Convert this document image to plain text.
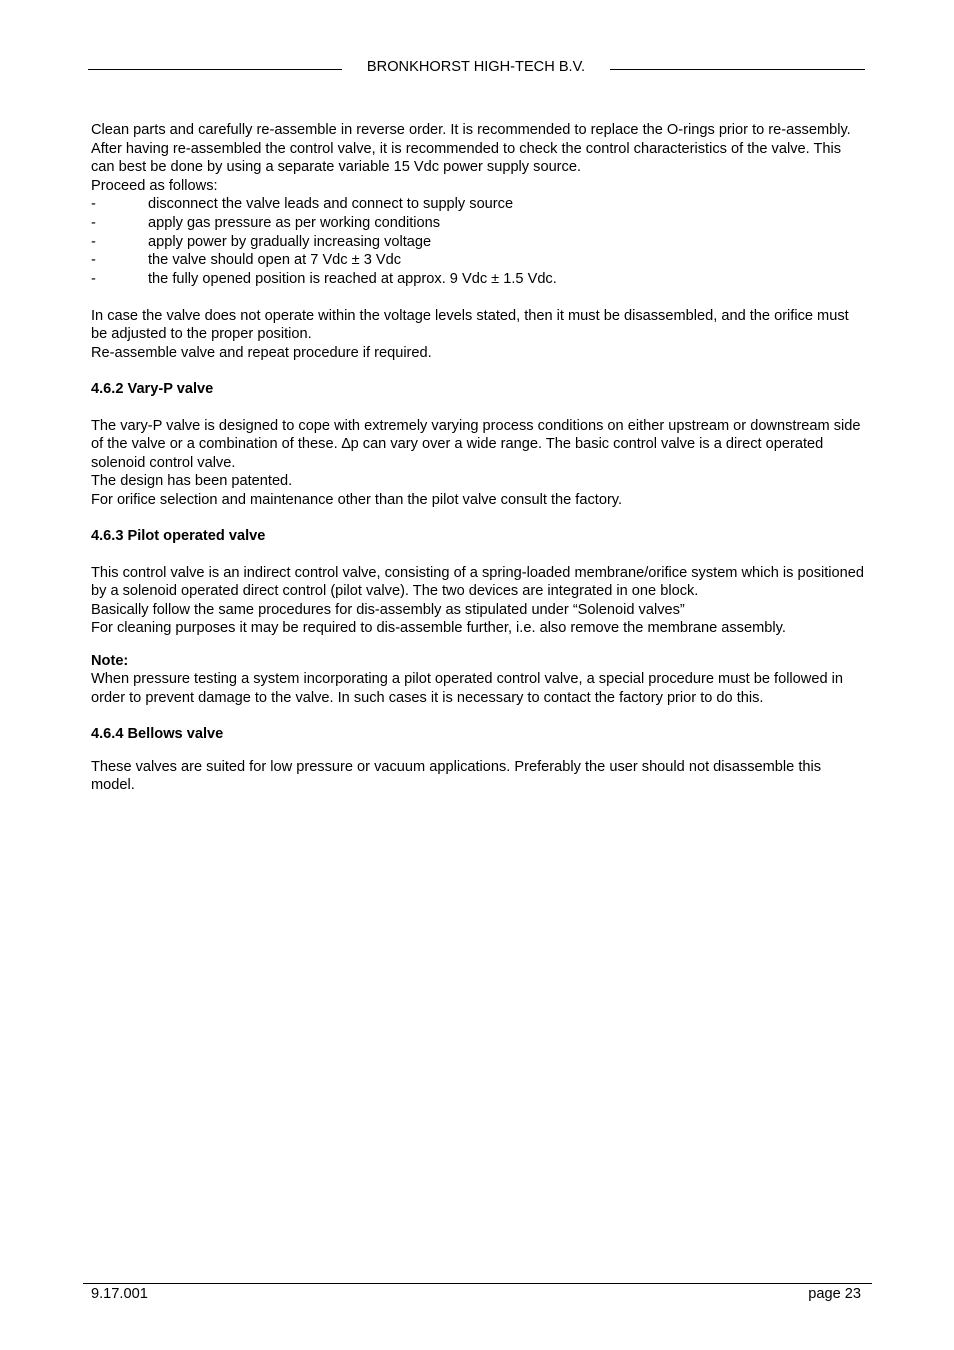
BRONKHORST HIGH-TECH B.V.

Clean parts and carefully re-assemble in reverse order. It is recommended to replace the O-rings prior to re-assembly.

After having re-assembled the control valve, it is recommended to check the control characteristics of the valve. This can best be done by using a separate variable 15 Vdc power supply source.

Proceed as follows:

-	disconnect the valve leads and connect to supply source
-	apply gas pressure as per working conditions
-	apply power by gradually increasing voltage
-	the valve should open at 7 Vdc ± 3 Vdc
-	the fully opened position is reached at approx. 9 Vdc ± 1.5 Vdc.

In case the valve does not operate within the voltage levels stated, then it must be disassembled, and the orifice must be adjusted to the proper position.

Re-assemble valve and repeat procedure if required.

4.6.2 Vary-P valve

The vary-P valve is designed to cope with extremely varying process conditions on either upstream or downstream side of the valve or a combination of these. ∆p can vary over a wide range. The basic control valve is a direct operated solenoid control valve.

The design has been patented.

For orifice selection and maintenance other than the pilot valve consult the factory.

4.6.3 Pilot operated valve

This control valve is an indirect control valve, consisting of a spring-loaded membrane/orifice system which is positioned by a solenoid operated direct control (pilot valve). The two devices are integrated in one block.

Basically follow the same procedures for dis-assembly as stipulated under “Solenoid valves”

For cleaning purposes it may be required to dis-assemble further, i.e. also remove the membrane assembly.

Note:

When pressure testing a system incorporating a pilot operated control valve, a special procedure must be followed in order to prevent damage to the valve. In such cases it is necessary to contact the factory prior to do this.

4.6.4 Bellows valve

These valves are suited for low pressure or vacuum applications. Preferably the user should not disassemble this model.

9.17.001	page 23
